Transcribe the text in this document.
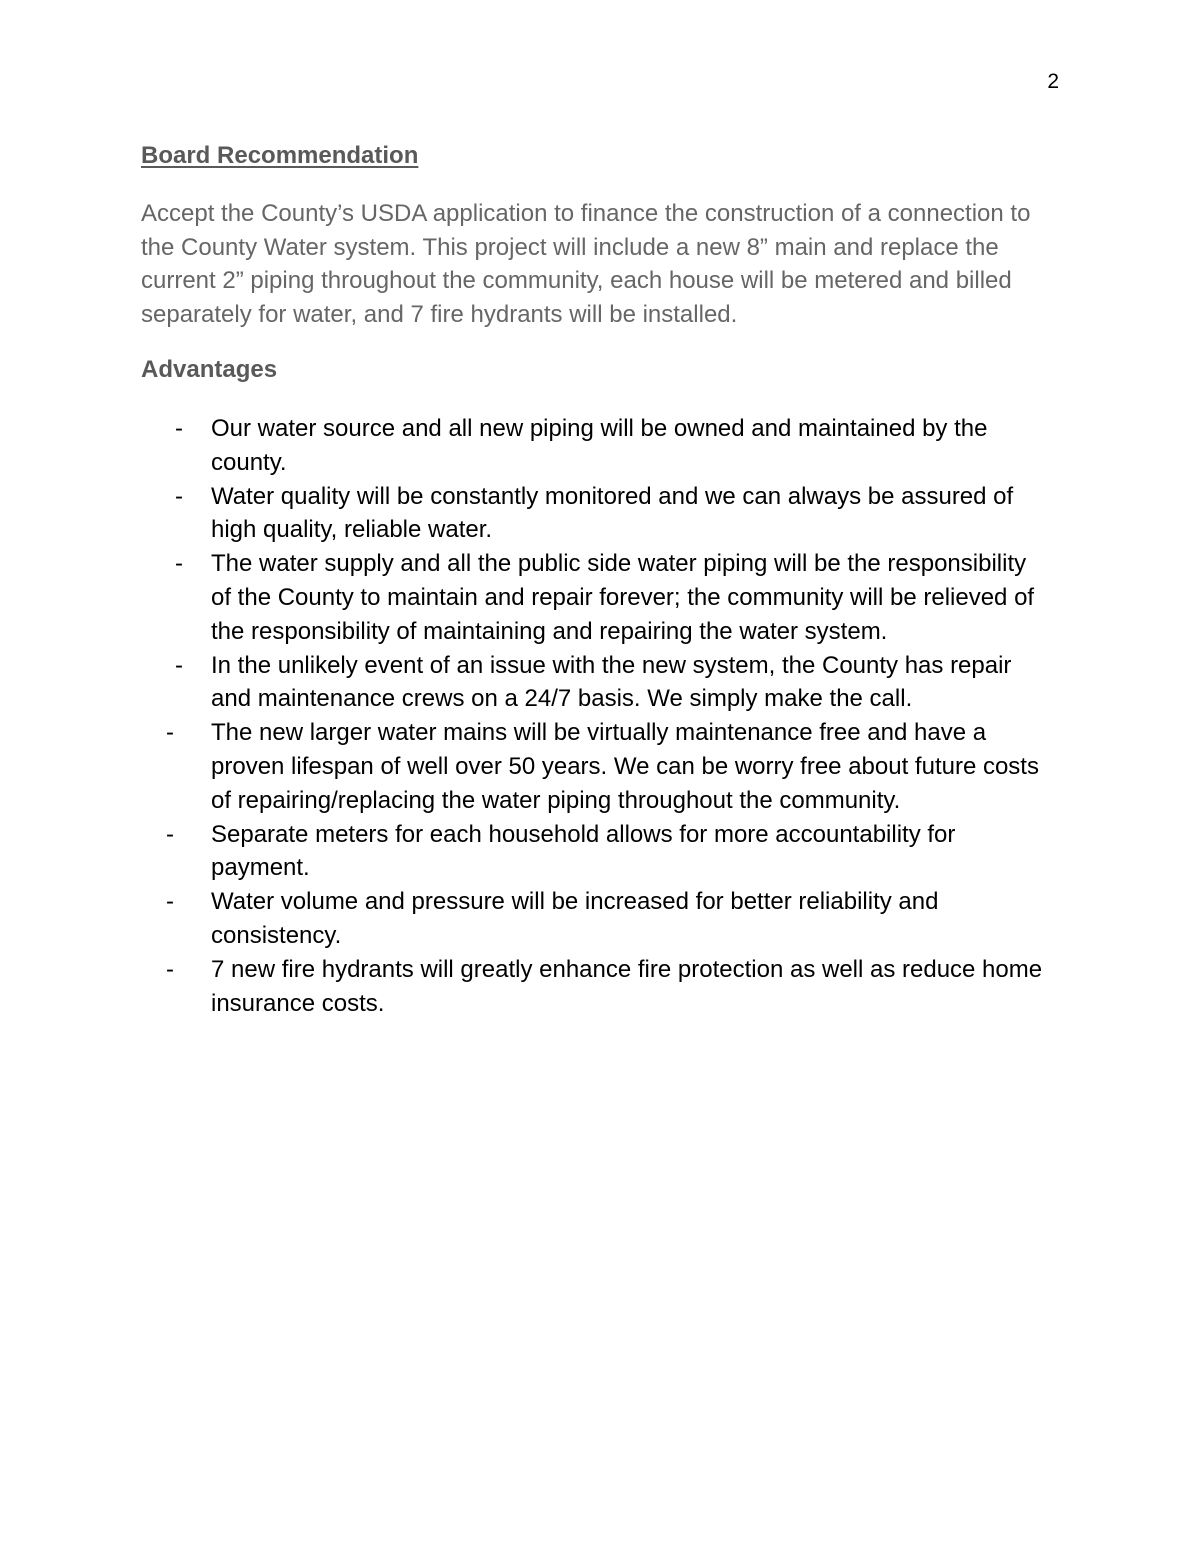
2
Board Recommendation

Accept the County’s USDA application to finance the construction of a connection to the County Water system. This project will include a new 8” main and replace the current 2” piping throughout the community, each house will be metered and billed separately for water, and 7 fire hydrants will be installed.

Advantages
- Our water source and all new piping will be owned and maintained by the county.
- Water quality will be constantly monitored and we can always be assured of high quality, reliable water.
- The water supply and all the public side water piping will be the responsibility of the County to maintain and repair forever; the community will be relieved of the responsibility of maintaining and repairing the water system.
- In the unlikely event of an issue with the new system, the County has repair and maintenance crews on a 24/7 basis. We simply make the call.
- The new larger water mains will be virtually maintenance free and have a proven lifespan of well over 50 years. We can be worry free about future costs of repairing/replacing the water piping throughout the community.
- Separate meters for each household allows for more accountability for payment.
- Water volume and pressure will be increased for better reliability and consistency.
- 7 new fire hydrants will greatly enhance fire protection as well as reduce home insurance costs.
